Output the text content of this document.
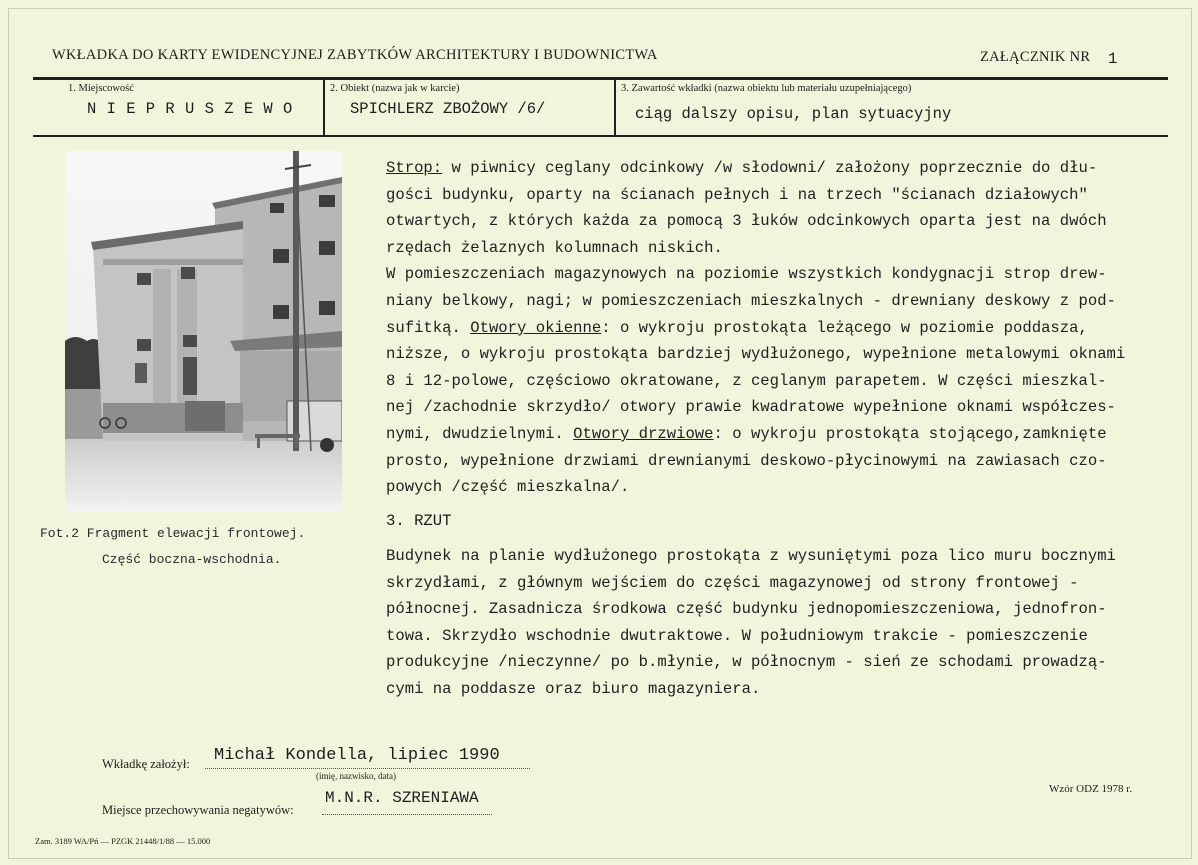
WKŁADKA DO KARTY EWIDENCYJNEJ ZABYTKÓW ARCHITEKTURY I BUDOWNICTWA	ZAŁĄCZNIK NR 1
1. Miejscowość
N I E P R U S Z E W O
2. Obiekt (nazwa jak w karcie)
SPICHLERZ ZBOŻOWY /6/
3. Zawartość wkładki (nazwa obiektu lub materiału uzupełniającego)
ciąg dalszy opisu, plan sytuacyjny
Fot.2 Fragment elewacji frontowej.
Część boczna-wschodnia.

Strop: w piwnicy ceglany odcinkowy /w słodowni/ założony poprzecznie do dłu-

gości budynku, oparty na ścianach pełnych i na trzech "ścianach działowych"

otwartych, z których każda za pomocą 3 łuków odcinkowych oparta jest na dwóch

rzędach żelaznych kolumnach niskich.

W pomieszczeniach magazynowych na poziomie wszystkich kondygnacji strop drew-

niany belkowy, nagi; w pomieszczeniach mieszkalnych - drewniany deskowy z pod-

sufitką. Otwory okienne: o wykroju prostokąta leżącego w poziomie poddasza,

niższe, o wykroju prostokąta bardziej wydłużonego, wypełnione metalowymi oknami

8 i 12-polowe, częściowo okratowane, z ceglanym parapetem. W części mieszkal-

nej /zachodnie skrzydło/ otwory prawie kwadratowe wypełnione oknami współczes-

nymi, dwudzielnymi. Otwory drzwiowe: o wykroju prostokąta stojącego,zamknięte

prosto, wypełnione drzwiami drewnianymi deskowo-płycinowymi na zawiasach czo-

powych /część mieszkalna/.

3. RZUT

Budynek na planie wydłużonego prostokąta z wysuniętymi poza lico muru bocznymi

skrzydłami, z głównym wejściem do części magazynowej od strony frontowej -

północnej. Zasadnicza środkowa część budynku jednopomieszczeniowa, jednofron-

towa. Skrzydło wschodnie dwutraktowe. W południowym trakcie - pomieszczenie

produkcyjne /nieczynne/ po b.młynie, w północnym - sień ze schodami prowadzą-

cymi na poddasze oraz biuro magazyniera.

Wkładkę założył: Michał Kondella, lipiec 1990
(imię, nazwisko, data)
Miejsce przechowywania negatywów:
M.N.R. SZRENIAWA	Wzór ODZ 1978 r.
Zam. 3189 WA/Pń — PZGK 21448/1/88 — 15.000
